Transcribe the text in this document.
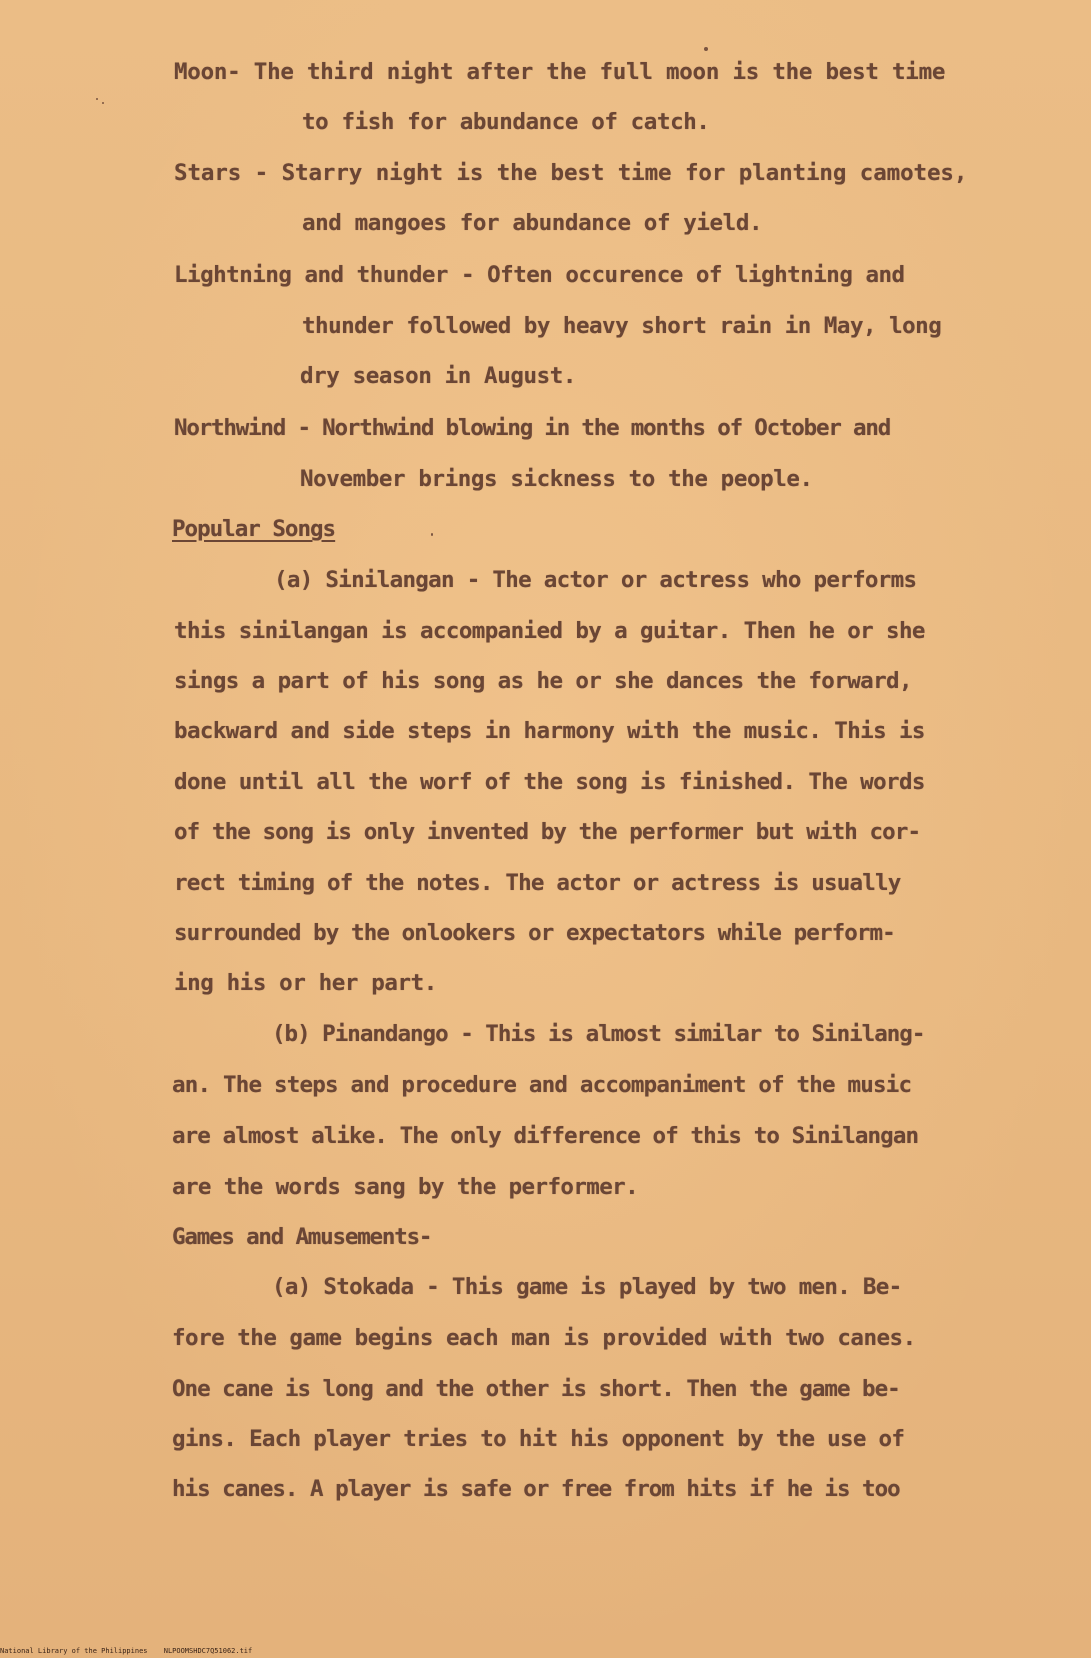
Moon- The third night after the full moon is the best time
to fish for abundance of catch.
Stars - Starry night is the best time for planting camotes,
and mangoes for abundance of yield.
Lightning and thunder - Often occurence of lightning and
thunder followed by heavy short rain in May, long
dry season in August.
Northwind - Northwind blowing in the months of October and
November brings sickness to the people.
Popular Songs
(a) Sinilangan - The actor or actress who performs
this sinilangan is accompanied by a guitar. Then he or she
sings a part of his song as he or she dances the forward,
backward and side steps in harmony with the music. This is
done until all the worf of the song is finished. The words
of the song is only invented by the performer but with cor-
rect timing of the notes. The actor or actress is usually
surrounded by the onlookers or expectators while perform-
ing his or her part.
(b) Pinandango - This is almost similar to Sinilang-
an. The steps and procedure and accompaniment of the music
are almost alike. The only difference of this to Sinilangan
are the words sang by the performer.
Games and Amusements-
(a) Stokada - This game is played by two men. Be-
fore the game begins each man is provided with two canes.
One cane is long and the other is short. Then the game be-
gins. Each player tries to hit his opponent by the use of
his canes. A player is safe or free from hits if he is too
National Library of the Philippines NLPOOMSHDC7Q51062.tif
